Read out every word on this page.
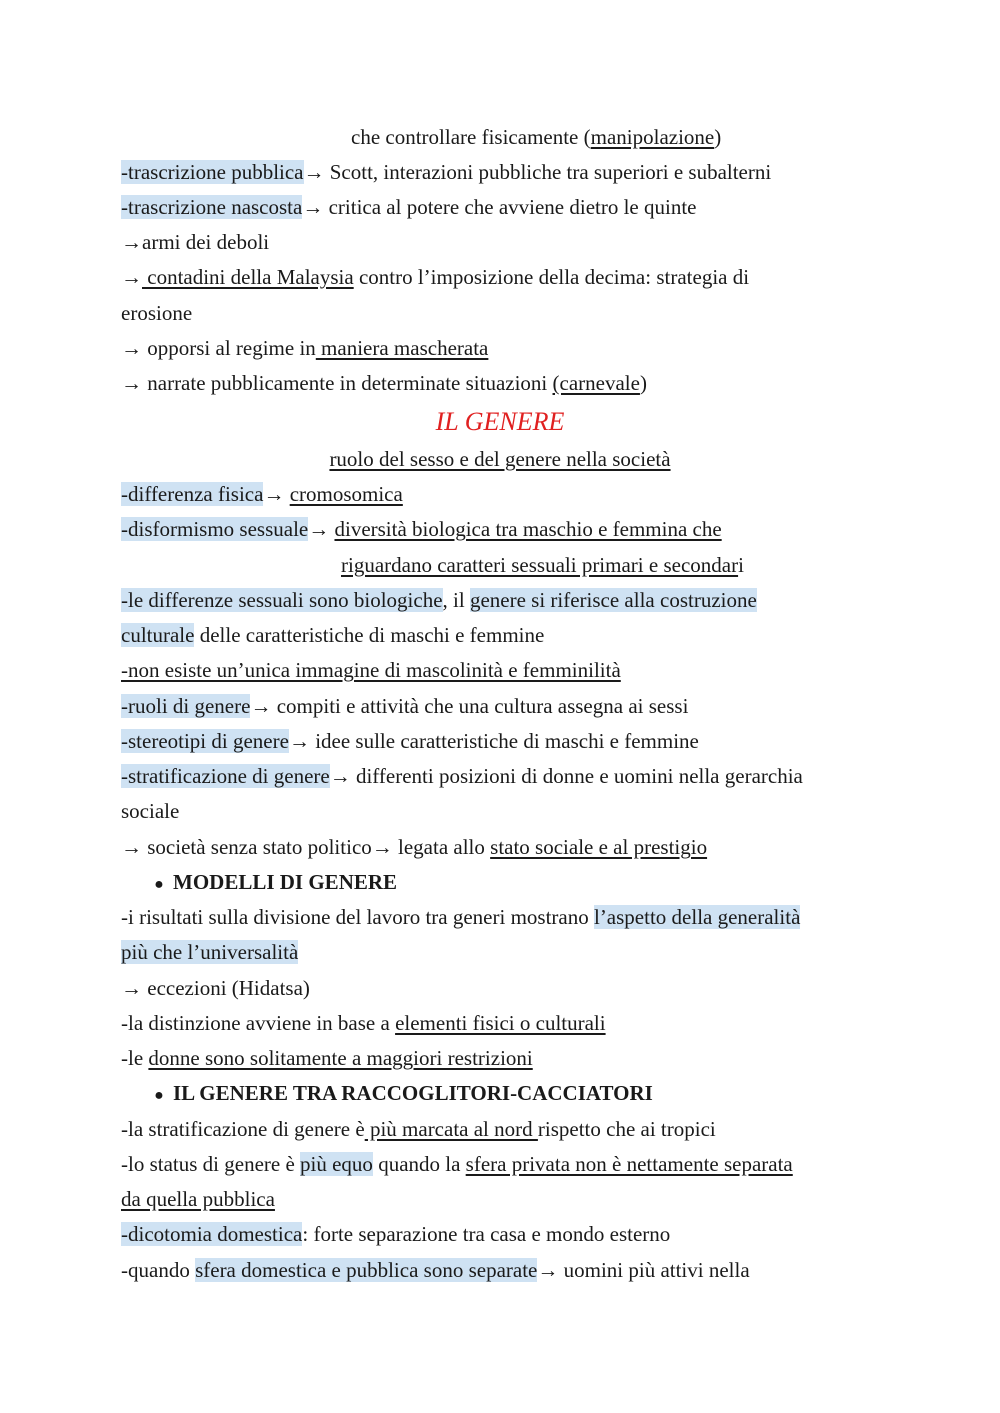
che controllare fisicamente (manipolazione)
-trascrizione pubblica→ Scott, interazioni pubbliche tra superiori e subalterni
-trascrizione nascosta→ critica al potere che avviene dietro le quinte
→armi dei deboli
→ contadini della Malaysia contro l’imposizione della decima: strategia di
erosione
→ opporsi al regime in maniera mascherata
→ narrate pubblicamente in determinate situazioni (carnevale)
IL GENERE
ruolo del sesso e del genere nella società
-differenza fisica→ cromosomica
-disformismo sessuale→ diversità biologica tra maschio e femmina che
riguardano caratteri sessuali primari e secondari
-le differenze sessuali sono biologiche, il genere si riferisce alla costruzione
culturale delle caratteristiche di maschi e femmine
-non esiste un’unica immagine di mascolinità e femminilità
-ruoli di genere→ compiti e attività che una cultura assegna ai sessi
-stereotipi di genere→ idee sulle caratteristiche di maschi e femmine
-stratificazione di genere→ differenti posizioni di donne e uomini nella gerarchia
sociale
→ società senza stato politico→ legata allo stato sociale e al prestigio
● MODELLI DI GENERE
-i risultati sulla divisione del lavoro tra generi mostrano l’aspetto della generalità
più che l’universalità
→ eccezioni (Hidatsa)
-la distinzione avviene in base a elementi fisici o culturali
-le donne sono solitamente a maggiori restrizioni
● IL GENERE TRA RACCOGLITORI-CACCIATORI
-la stratificazione di genere è più marcata al nord rispetto che ai tropici
-lo status di genere è più equo quando la sfera privata non è nettamente separata
da quella pubblica
-dicotomia domestica: forte separazione tra casa e mondo esterno
-quando sfera domestica e pubblica sono separate→ uomini più attivi nella
